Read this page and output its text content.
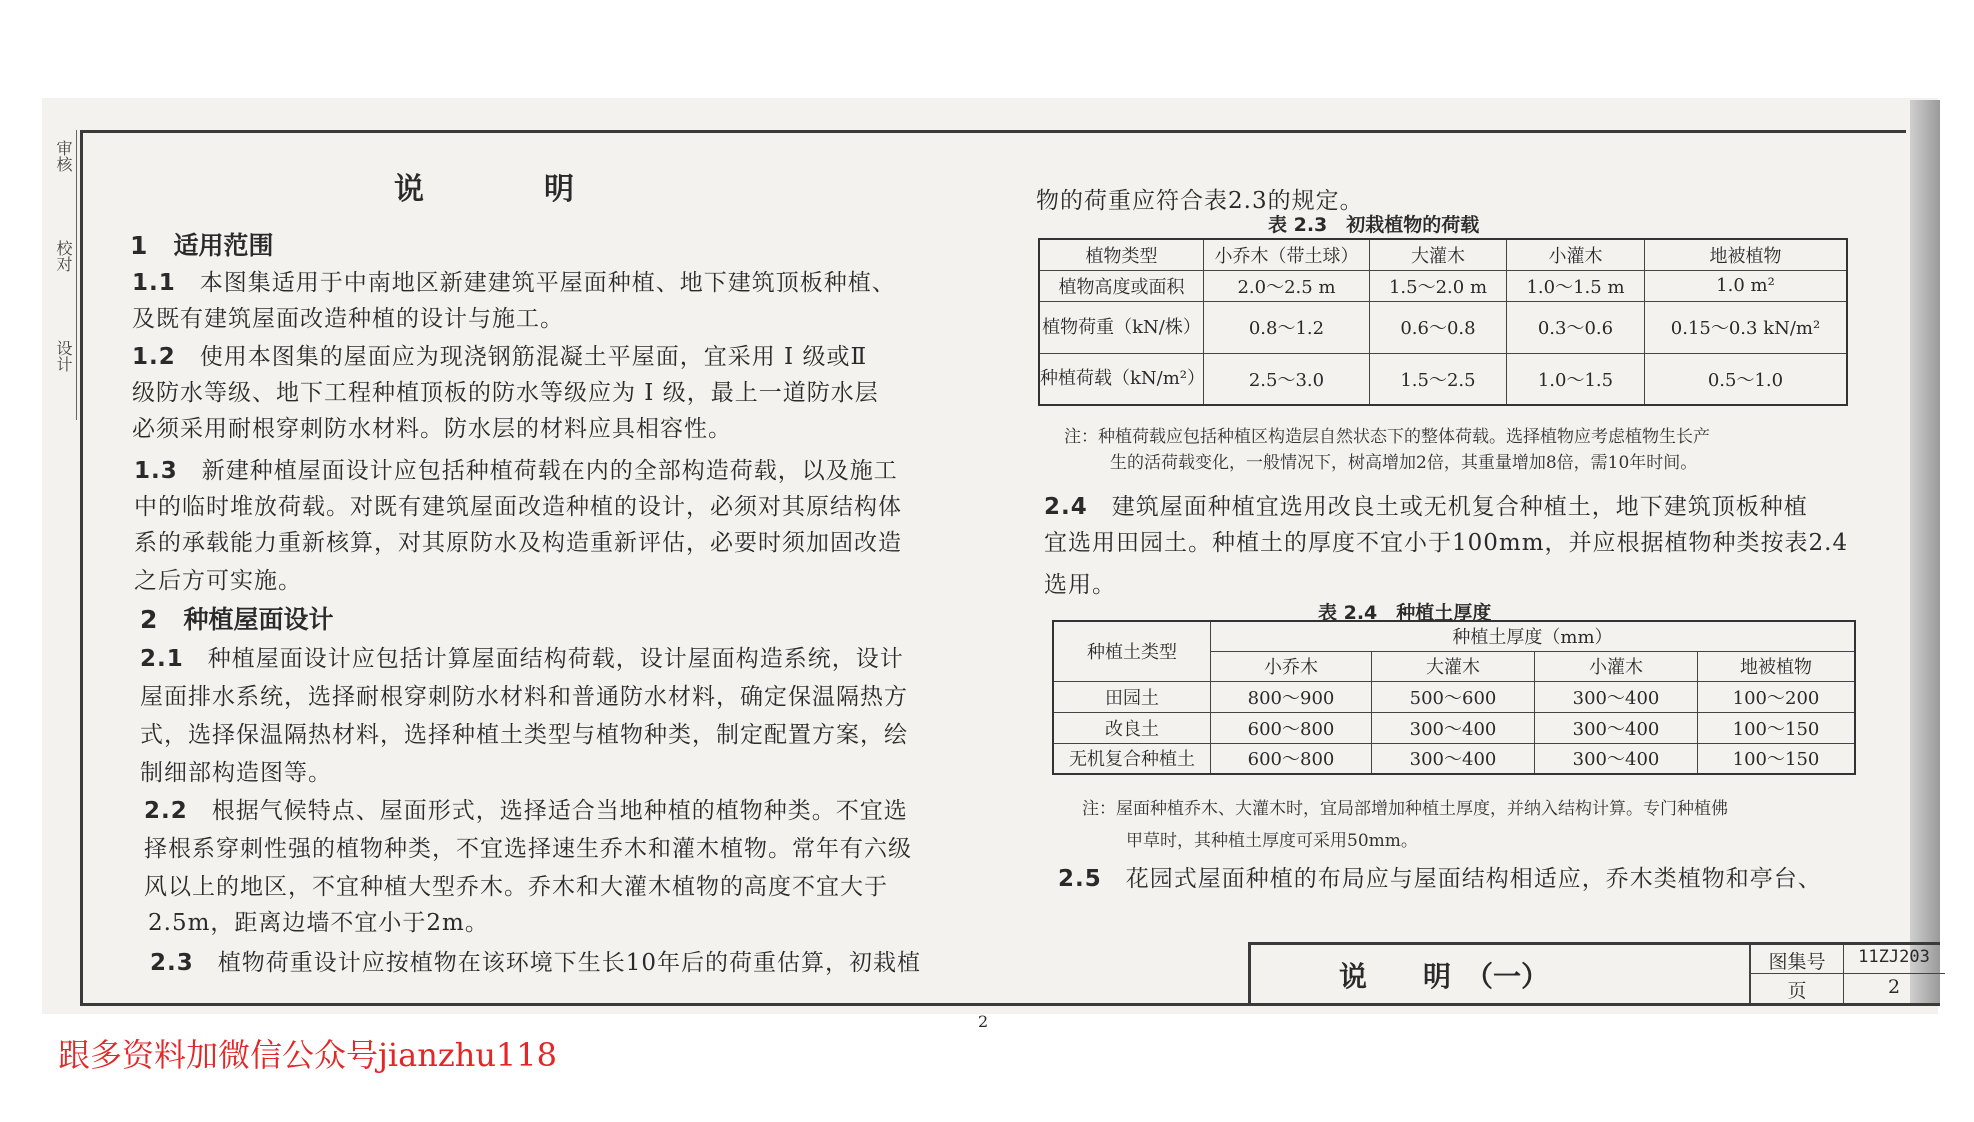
审核
校对
设计
说　　　　明
1 适用范围
1.1 本图集适用于中南地区新建建筑平屋面种植、地下建筑顶板种植、
及既有建筑屋面改造种植的设计与施工。
1.2 使用本图集的屋面应为现浇钢筋混凝土平屋面，宜采用 Ⅰ 级或Ⅱ
级防水等级、地下工程种植顶板的防水等级应为 Ⅰ 级，最上一道防水层
必须采用耐根穿刺防水材料。防水层的材料应具相容性。
1.3 新建种植屋面设计应包括种植荷载在内的全部构造荷载，以及施工
中的临时堆放荷载。对既有建筑屋面改造种植的设计，必须对其原结构体
系的承载能力重新核算，对其原防水及构造重新评估，必要时须加固改造
之后方可实施。
2 种植屋面设计
2.1 种植屋面设计应包括计算屋面结构荷载，设计屋面构造系统，设计
屋面排水系统，选择耐根穿刺防水材料和普通防水材料，确定保温隔热方
式，选择保温隔热材料，选择种植土类型与植物种类，制定配置方案，绘
制细部构造图等。
2.2 根据气候特点、屋面形式，选择适合当地种植的植物种类。不宜选
择根系穿刺性强的植物种类，不宜选择速生乔木和灌木植物。常年有六级
风以上的地区，不宜种植大型乔木。乔木和大灌木植物的高度不宜大于
2.5m，距离边墙不宜小于2m。
2.3 植物荷重设计应按植物在该环境下生长10年后的荷重估算，初栽植
物的荷重应符合表2.3的规定。
表 2.3　初栽植物的荷载
植物类型	小乔木（带土球）	大灌木	小灌木	地被植物
植物高度或面积	2.0～2.5 m	1.5～2.0 m	1.0～1.5 m	1.0 m²
植物荷重（kN/株）	0.8～1.2	0.6～0.8	0.3～0.6	0.15～0.3 kN/m²
种植荷载（kN/m²）	2.5～3.0	1.5～2.5	1.0～1.5	0.5～1.0
注：种植荷载应包括种植区构造层自然状态下的整体荷载。选择植物应考虑植物生长产
生的活荷载变化，一般情况下，树高增加2倍，其重量增加8倍，需10年时间。
2.4 建筑屋面种植宜选用改良土或无机复合种植土，地下建筑顶板种植
宜选用田园土。种植土的厚度不宜小于100mm，并应根据植物种类按表2.4
选用。
表 2.4　种植土厚度
种植土类型	种植土厚度（mm）			
	小乔木	大灌木	小灌木	地被植物
田园土	800～900	500～600	300～400	100～200
改良土	600～800	300～400	300～400	100～150
无机复合种植土	600～800	300～400	300～400	100～150
注：屋面种植乔木、大灌木时，宜局部增加种植土厚度，并纳入结构计算。专门种植佛
甲草时，其种植土厚度可采用50mm。
2.5 花园式屋面种植的布局应与屋面结构相适应，乔木类植物和亭台、
说　　明　（一）	图集号	11ZJ203
页	2
2
跟多资料加微信公众号jianzhu118
